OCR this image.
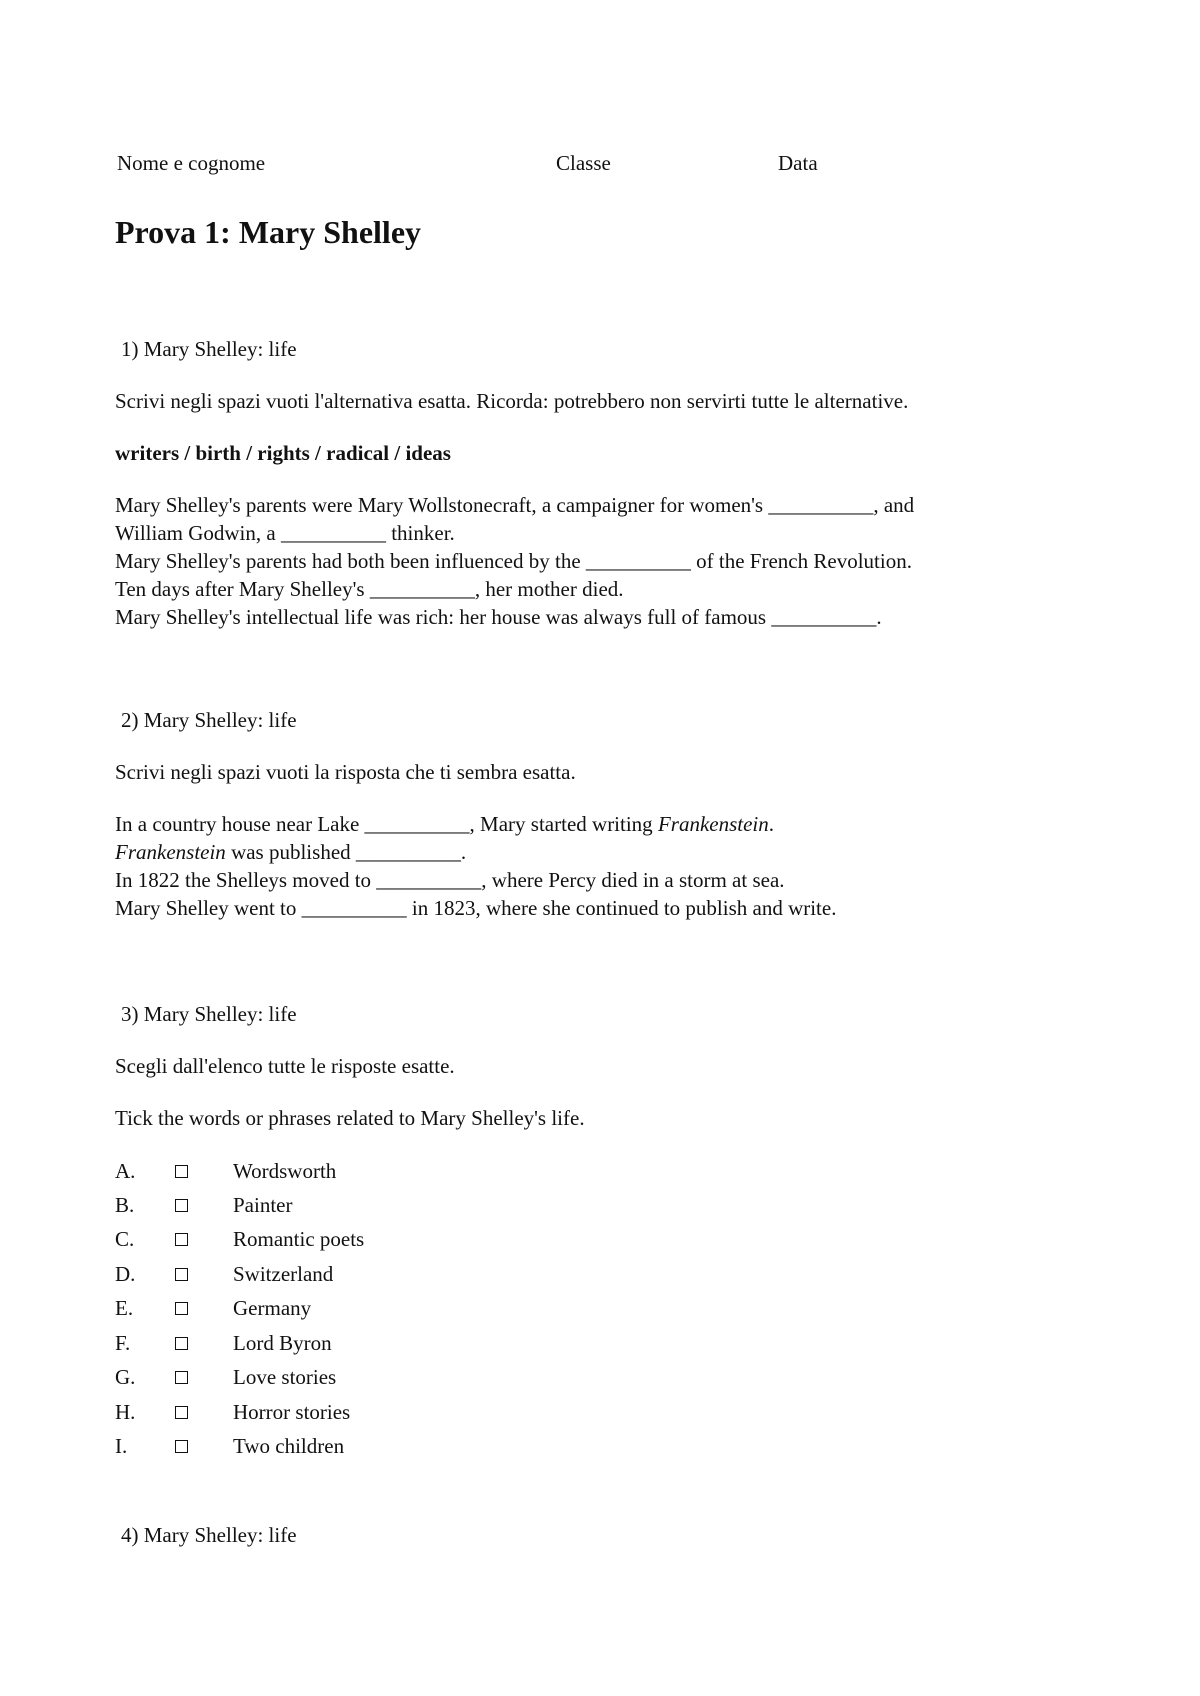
Nome e cognome	Classe	Data
Prova 1: Mary Shelley
1) Mary Shelley: life
Scrivi negli spazi vuoti l'alternativa esatta. Ricorda: potrebbero non servirti tutte le alternative.
writers / birth / rights / radical / ideas
Mary Shelley's parents were Mary Wollstonecraft, a campaigner for women's __________, and
William Godwin, a __________ thinker.
Mary Shelley's parents had both been influenced by the __________ of the French Revolution.
Ten days after Mary Shelley's __________, her mother died.
Mary Shelley's intellectual life was rich: her house was always full of famous __________.
2) Mary Shelley: life
Scrivi negli spazi vuoti la risposta che ti sembra esatta.
In a country house near Lake __________, Mary started writing Frankenstein.
Frankenstein was published __________.
In 1822 the Shelleys moved to __________, where Percy died in a storm at sea.
Mary Shelley went to __________ in 1823, where she continued to publish and write.
3) Mary Shelley: life
Scegli dall'elenco tutte le risposte esatte.
Tick the words or phrases related to Mary Shelley's life.
A.	Wordsworth
B.	Painter
C.	Romantic poets
D.	Switzerland
E.	Germany
F.	Lord Byron
G.	Love stories
H.	Horror stories
I.	Two children
4) Mary Shelley: life
